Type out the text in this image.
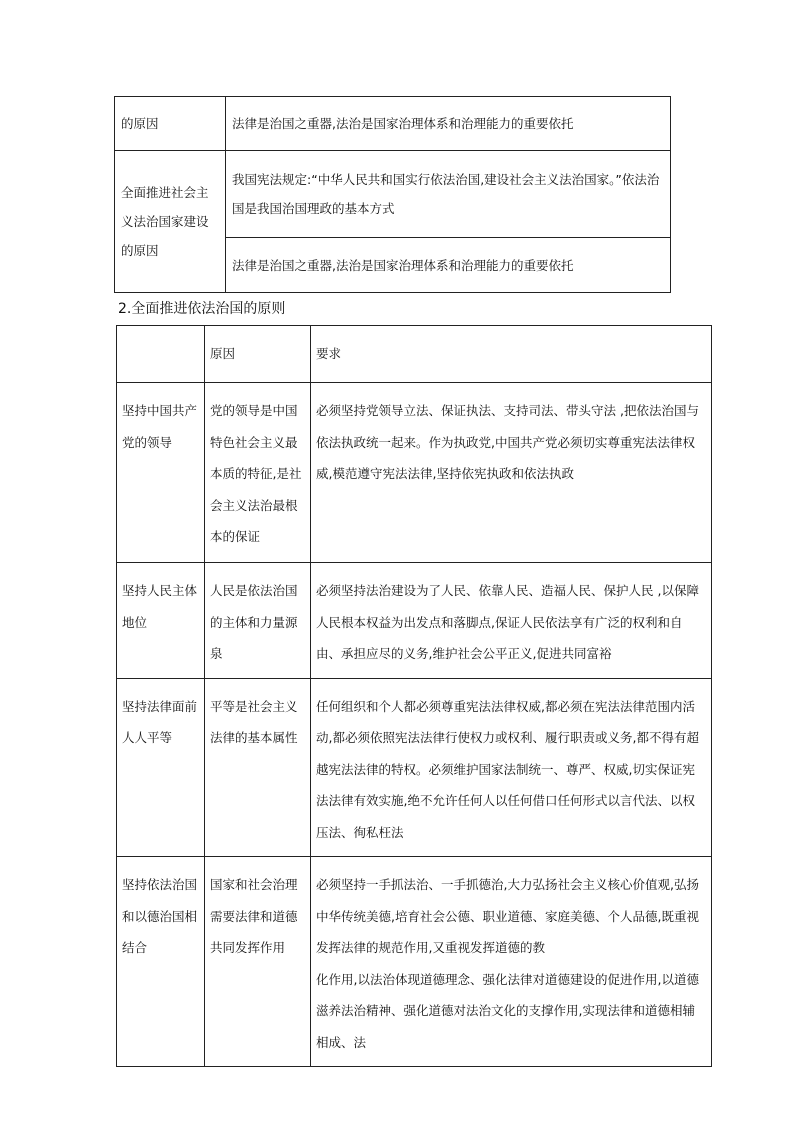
的原因	法律是治国之重器,法治是国家治理体系和治理能力的重要依托
全面推进社会主义法治国家建设的原因	我国宪法规定:“中华人民共和国实行依法治国,建设社会主义法治国家。”依法治国是我国治国理政的基本方式
	法律是治国之重器,法治是国家治理体系和治理能力的重要依托
2.全面推进依法治国的原则
	原因	要求
坚持中国共产党的领导	党的领导是中国特色社会主义最本质的特征,是社会主义法治最根本的保证	必须坚持党领导立法、保证执法、支持司法、带头守法 ,把依法治国与依法执政统一起来。作为执政党,中国共产党必须切实尊重宪法法律权威,模范遵守宪法法律,坚持依宪执政和依法执政
坚持人民主体地位	人民是依法治国的主体和力量源泉	必须坚持法治建设为了人民、依靠人民、造福人民、保护人民 ,以保障人民根本权益为出发点和落脚点,保证人民依法享有广泛的权利和自由、承担应尽的义务,维护社会公平正义,促进共同富裕
坚持法律面前人人平等	平等是社会主义法律的基本属性	任何组织和个人都必须尊重宪法法律权威,都必须在宪法法律范围内活动,都必须依照宪法法律行使权力或权利、履行职责或义务,都不得有超越宪法法律的特权。必须维护国家法制统一、尊严、权威,切实保证宪法法律有效实施,绝不允许任何人以任何借口任何形式以言代法、以权压法、徇私枉法
坚持依法治国和以德治国相结合	国家和社会治理需要法律和道德共同发挥作用	必须坚持一手抓法治、一手抓德治,大力弘扬社会主义核心价值观,弘扬中华传统美德,培育社会公德、职业道德、家庭美德、个人品德,既重视发挥法律的规范作用,又重视发挥道德的教
化作用,以法治体现道德理念、强化法律对道德建设的促进作用,以道德滋养法治精神、强化道德对法治文化的支撑作用,实现法律和道德相辅相成、法
